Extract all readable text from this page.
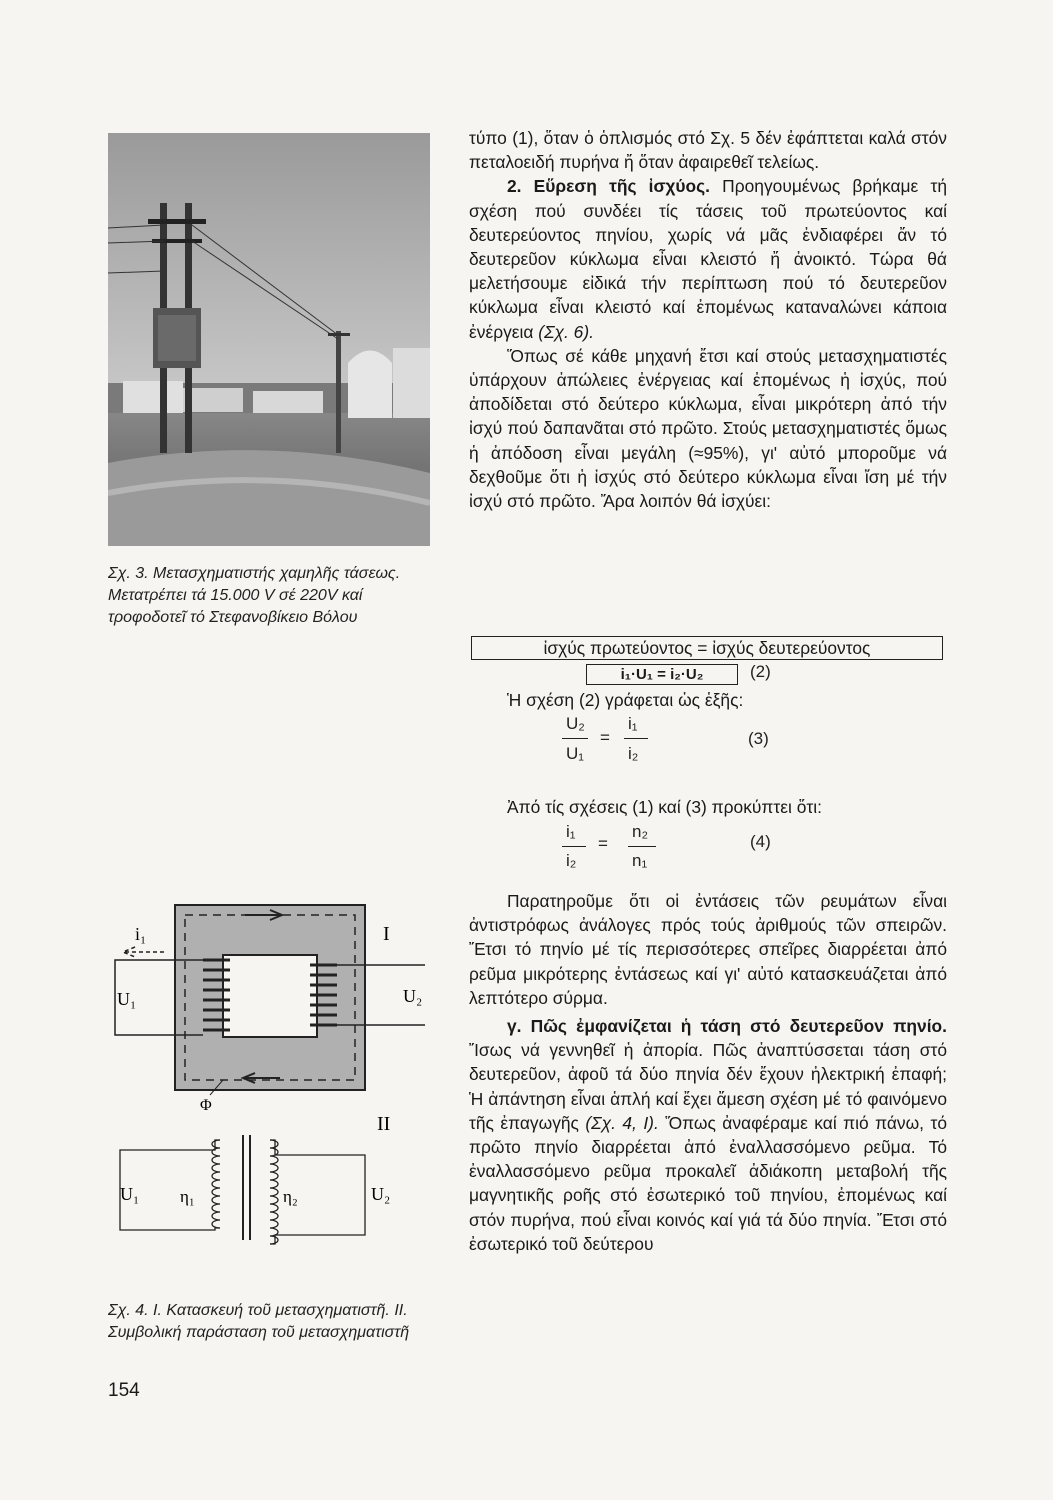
Σχ. 3. Μετασχηματιστής χαμηλῆς τάσεως. Μετατρέπει τά 15.000 V σέ 220V καί τροφοδοτεῖ τό Στεφανοβίκειο Βόλου
i₁
U₁	U₂
I
Φ
II
U₁ η₁	η₂	U₂
Σχ. 4. Ι. Κατασκευή τοῦ μετασχηματιστῆ. ΙΙ. Συμβολική παράσταση τοῦ μετασχηματιστῆ

τύπο (1), ὅταν ὁ ὁπλισμός στό Σχ. 5 δέν ἐφάπτεται καλά στόν πεταλοειδή πυρήνα ἤ ὅταν ἀφαιρεθεῖ τελείως.

2. Εὕρεση τῆς ἰσχύος. Προηγουμένως βρήκαμε τή σχέση πού συνδέει τίς τάσεις τοῦ πρωτεύοντος καί δευτερεύοντος πηνίου, χωρίς νά μᾶς ἐνδιαφέρει ἄν τό δευτερεῦον κύκλωμα εἶναι κλειστό ἤ ἀνοικτό. Τώρα θά μελετήσουμε εἰδικά τήν περίπτωση πού τό δευτερεῦον κύκλωμα εἶναι κλειστό καί ἐπομένως καταναλώνει κάποια ἐνέργεια (Σχ. 6).

Ὅπως σέ κάθε μηχανή ἔτσι καί στούς μετασχηματιστές ὑπάρχουν ἀπώλειες ἐνέργειας καί ἐπομένως ἡ ἰσχύς, πού ἀποδίδεται στό δεύτερο κύκλωμα, εἶναι μικρότερη ἀπό τήν ἰσχύ πού δαπανᾶται στό πρῶτο. Στούς μετασχηματιστές ὅμως ἡ ἀπόδοση εἶναι μεγάλη (≈95%), γι' αὐτό μποροῦμε νά δεχθοῦμε ὅτι ἡ ἰσχύς στό δεύτερο κύκλωμα εἶναι ἴση μέ τήν ἰσχύ στό πρῶτο. Ἄρα λοιπόν θά ἰσχύει:

ἰσχύς πρωτεύοντος = ἰσχύς δευτερεύοντος
i₁·U₁ = i₂·U₂	(2)

Ἡ σχέση (2) γράφεται ὡς ἑξῆς:

U₂
U₁
=
i₁
i₂
(3)

Ἀπό τίς σχέσεις (1) καί (3) προκύπτει ὅτι:

i₁
i₂
=
n₂
n₁
(4)

Παρατηροῦμε ὅτι οἱ ἐντάσεις τῶν ρευμάτων εἶναι ἀντιστρόφως ἀνάλογες πρός τούς ἀριθμούς τῶν σπειρῶν. Ἔτσι τό πηνίο μέ τίς περισσότερες σπεῖρες διαρρέεται ἀπό ρεῦμα μικρότερης ἐντάσεως καί γι' αὐτό κατασκευάζεται ἀπό λεπτότερο σύρμα.

γ. Πῶς ἐμφανίζεται ἡ τάση στό δευτερεῦον πηνίο. Ἴσως νά γεννηθεῖ ἡ ἀπορία. Πῶς ἀναπτύσσεται τάση στό δευτερεῦον, ἀφοῦ τά δύο πηνία δέν ἔχουν ἠλεκτρική ἐπαφή; Ἡ ἀπάντηση εἶναι ἁπλή καί ἔχει ἄμεση σχέση μέ τό φαινόμενο τῆς ἐπαγωγῆς (Σχ. 4, Ι). Ὅπως ἀναφέραμε καί πιό πάνω, τό πρῶτο πηνίο διαρρέεται ἀπό ἐναλλασσόμενο ρεῦμα. Τό ἐναλλασσόμενο ρεῦμα προκαλεῖ ἀδιάκοπη μεταβολή τῆς μαγνητικῆς ροῆς στό ἐσωτερικό τοῦ πηνίου, ἐπομένως καί στόν πυρήνα, πού εἶναι κοινός καί γιά τά δύο πηνία. Ἔτσι στό ἐσωτερικό τοῦ δεύτερου

154
